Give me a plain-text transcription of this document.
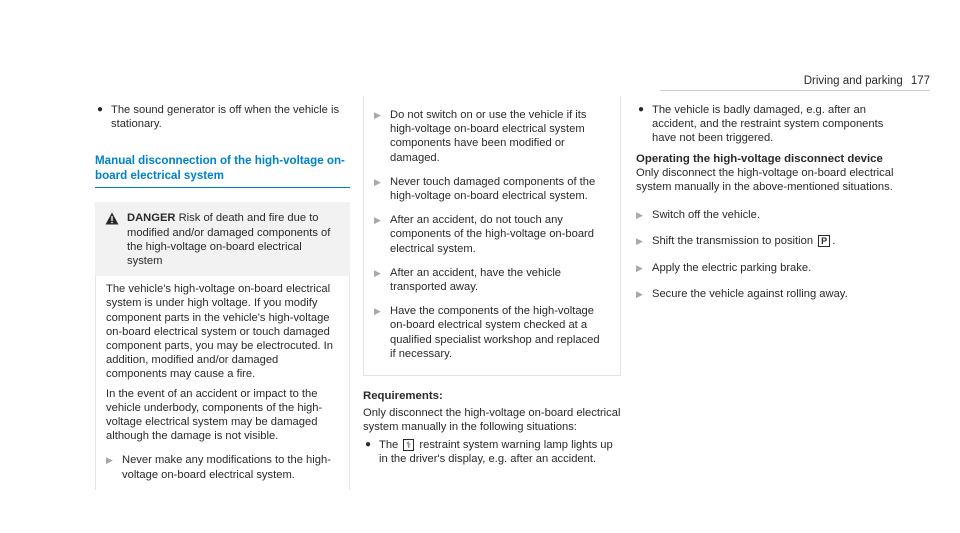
Driving and parking 177
● The sound generator is off when the vehicle is stationary.
Manual disconnection of the high-voltage on-board electrical system
DANGER Risk of death and fire due to modified and/or damaged components of the high-voltage on-board electrical system

The vehicle's high-voltage on-board electrical system is under high voltage. If you modify component parts in the vehicle's high-voltage on-board electrical system or touch damaged component parts, you may be electrocuted. In addition, modified and/or damaged components may cause a fire.

In the event of an accident or impact to the vehicle underbody, components of the high-voltage electrical system may be damaged although the damage is not visible.

▶ Never make any modifications to the high-voltage on-board electrical system.
▶ Do not switch on or use the vehicle if its high-voltage on-board electrical system components have been modified or damaged.
▶ Never touch damaged components of the high-voltage on-board electrical system.
▶ After an accident, do not touch any components of the high-voltage on-board electrical system.
▶ After an accident, have the vehicle transported away.
▶ Have the components of the high-voltage on-board electrical system checked at a qualified specialist workshop and replaced if necessary.
Requirements:
Only disconnect the high-voltage on-board electrical system manually in the following situations:
● The ⚕ restraint system warning lamp lights up in the driver's display, e.g. after an accident.
● The vehicle is badly damaged, e.g. after an accident, and the restraint system components have not been triggered.
Operating the high-voltage disconnect device
Only disconnect the high-voltage on-board electrical system manually in the above-mentioned situations.
▶ Switch off the vehicle.
▶ Shift the transmission to position P .
▶ Apply the electric parking brake.
▶ Secure the vehicle against rolling away.
